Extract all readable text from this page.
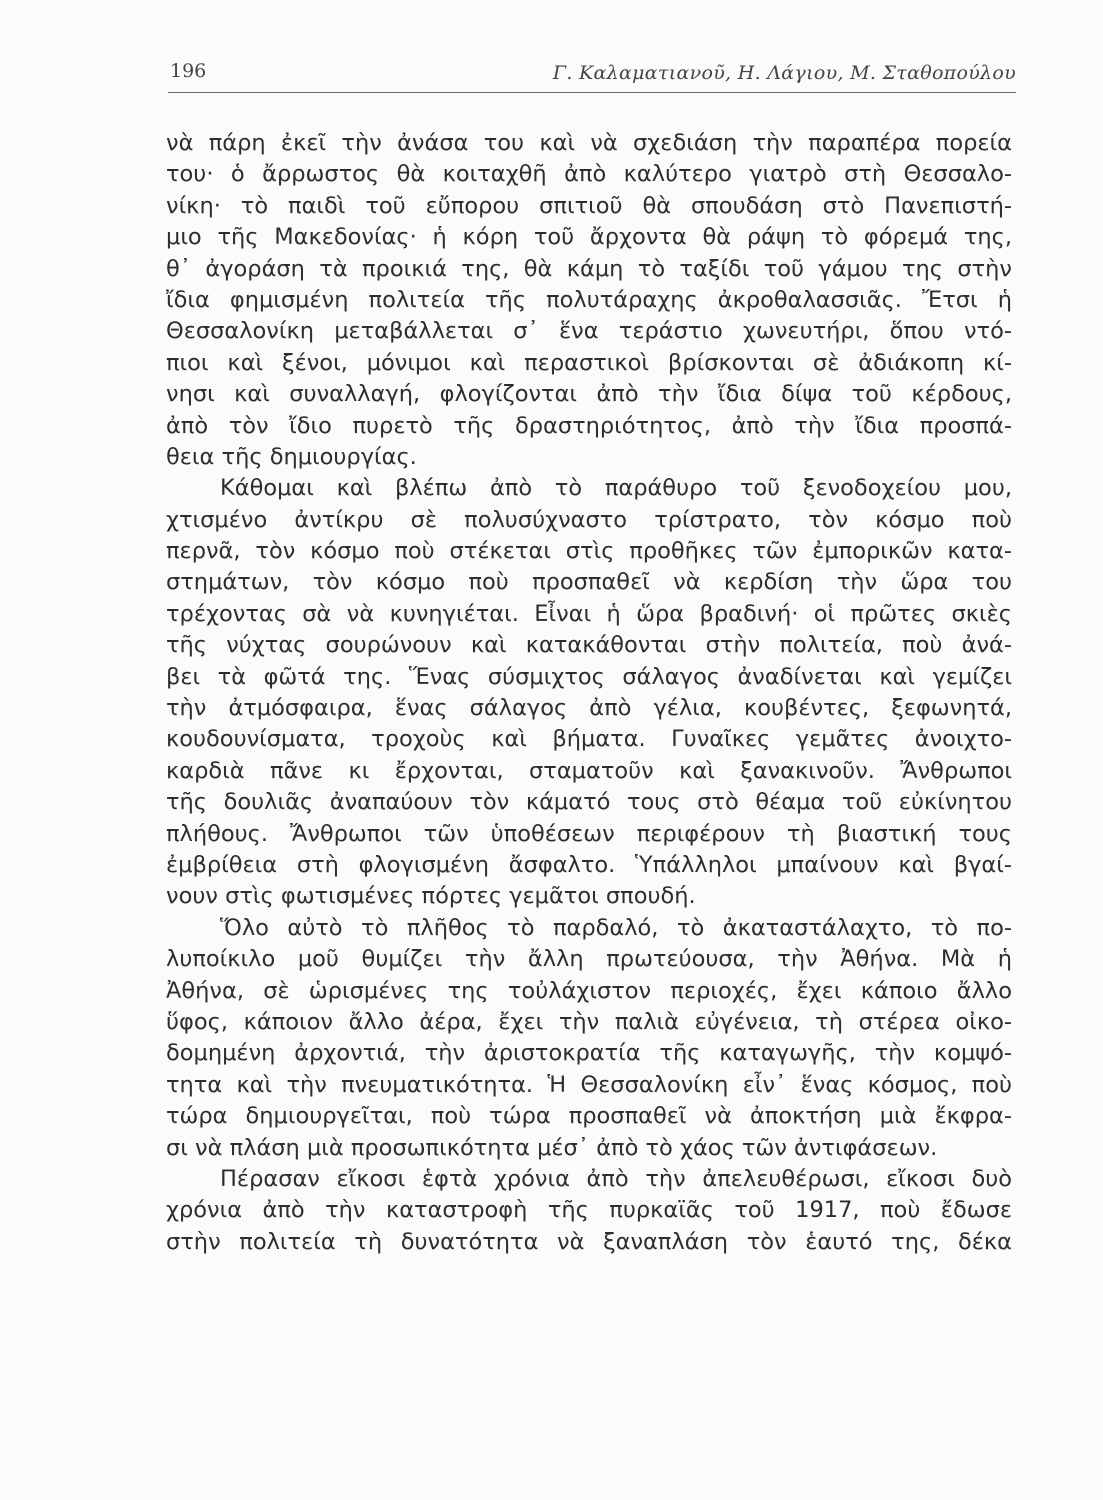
196	Γ. Καλαματιανοῦ, Η. Λάγιου, Μ. Σταθοπούλου
νὰ πάρη ἐκεῖ τὴν ἀνάσα του καὶ νὰ σχεδιάση τὴν παραπέρα πορεία
του· ὁ ἄρρωστος θὰ κοιταχθῆ ἀπὸ καλύτερο γιατρὸ στὴ Θεσσαλο-
νίκη· τὸ παιδὶ τοῦ εὔπορου σπιτιοῦ θὰ σπουδάση στὸ Πανεπιστή-
μιο τῆς Μακεδονίας· ἡ κόρη τοῦ ἄρχοντα θὰ ράψη τὸ φόρεμά της,
θ᾽ ἀγοράση τὰ προικιά της, θὰ κάμη τὸ ταξίδι τοῦ γάμου της στὴν
ἴδια φημισμένη πολιτεία τῆς πολυτάραχης ἀκροθαλασσιᾶς. Ἔτσι ἡ
Θεσσαλονίκη μεταβάλλεται σ᾽ ἕνα τεράστιο χωνευτήρι, ὅπου ντό-
πιοι καὶ ξένοι, μόνιμοι καὶ περαστικοὶ βρίσκονται σὲ ἀδιάκοπη κί-
νησι καὶ συναλλαγή, φλογίζονται ἀπὸ τὴν ἴδια δίψα τοῦ κέρδους,
ἀπὸ τὸν ἴδιο πυρετὸ τῆς δραστηριότητος, ἀπὸ τὴν ἴδια προσπά-
θεια τῆς δημιουργίας.
Κάθομαι καὶ βλέπω ἀπὸ τὸ παράθυρο τοῦ ξενοδοχείου μου,
χτισμένο ἀντίκρυ σὲ πολυσύχναστο τρίστρατο, τὸν κόσμο ποὺ
περνᾶ, τὸν κόσμο ποὺ στέκεται στὶς προθῆκες τῶν ἐμπορικῶν κατα-
στημάτων, τὸν κόσμο ποὺ προσπαθεῖ νὰ κερδίση τὴν ὥρα του
τρέχοντας σὰ νὰ κυνηγιέται. Εἶναι ἡ ὥρα βραδινή· οἱ πρῶτες σκιὲς
τῆς νύχτας σουρώνουν καὶ κατακάθονται στὴν πολιτεία, ποὺ ἀνά-
βει τὰ φῶτά της. Ἕνας σύσμιχτος σάλαγος ἀναδίνεται καὶ γεμίζει
τὴν ἀτμόσφαιρα, ἕνας σάλαγος ἀπὸ γέλια, κουβέντες, ξεφωνητά,
κουδουνίσματα, τροχοὺς καὶ βήματα. Γυναῖκες γεμᾶτες ἀνοιχτο-
καρδιὰ πᾶνε κι ἔρχονται, σταματοῦν καὶ ξανακινοῦν. Ἄνθρωποι
τῆς δουλιᾶς ἀναπαύουν τὸν κάματό τους στὸ θέαμα τοῦ εὐκίνητου
πλήθους. Ἄνθρωποι τῶν ὑποθέσεων περιφέρουν τὴ βιαστική τους
ἐμβρίθεια στὴ φλογισμένη ἄσφαλτο. Ὑπάλληλοι μπαίνουν καὶ βγαί-
νουν στὶς φωτισμένες πόρτες γεμᾶτοι σπουδή.
Ὅλο αὐτὸ τὸ πλῆθος τὸ παρδαλό, τὸ ἀκαταστάλαχτο, τὸ πο-
λυποίκιλο μοῦ θυμίζει τὴν ἄλλη πρωτεύουσα, τὴν Ἀθήνα. Μὰ ἡ
Ἀθήνα, σὲ ὡρισμένες της τοὐλάχιστον περιοχές, ἔχει κάποιο ἄλλο
ὕφος, κάποιον ἄλλο ἀέρα, ἔχει τὴν παλιὰ εὐγένεια, τὴ στέρεα οἰκο-
δομημένη ἀρχοντιά, τὴν ἀριστοκρατία τῆς καταγωγῆς, τὴν κομψό-
τητα καὶ τὴν πνευματικότητα. Ἡ Θεσσαλονίκη εἶν᾽ ἕνας κόσμος, ποὺ
τώρα δημιουργεῖται, ποὺ τώρα προσπαθεῖ νὰ ἀποκτήση μιὰ ἔκφρα-
σι νὰ πλάση μιὰ προσωπικότητα μέσ᾽ ἀπὸ τὸ χάος τῶν ἀντιφάσεων.
Πέρασαν εἴκοσι ἑφτὰ χρόνια ἀπὸ τὴν ἀπελευθέρωσι, εἴκοσι δυὸ
χρόνια ἀπὸ τὴν καταστροφὴ τῆς πυρκαϊᾶς τοῦ 1917, ποὺ ἔδωσε
στὴν πολιτεία τὴ δυνατότητα νὰ ξαναπλάση τὸν ἑαυτό της, δέκα
